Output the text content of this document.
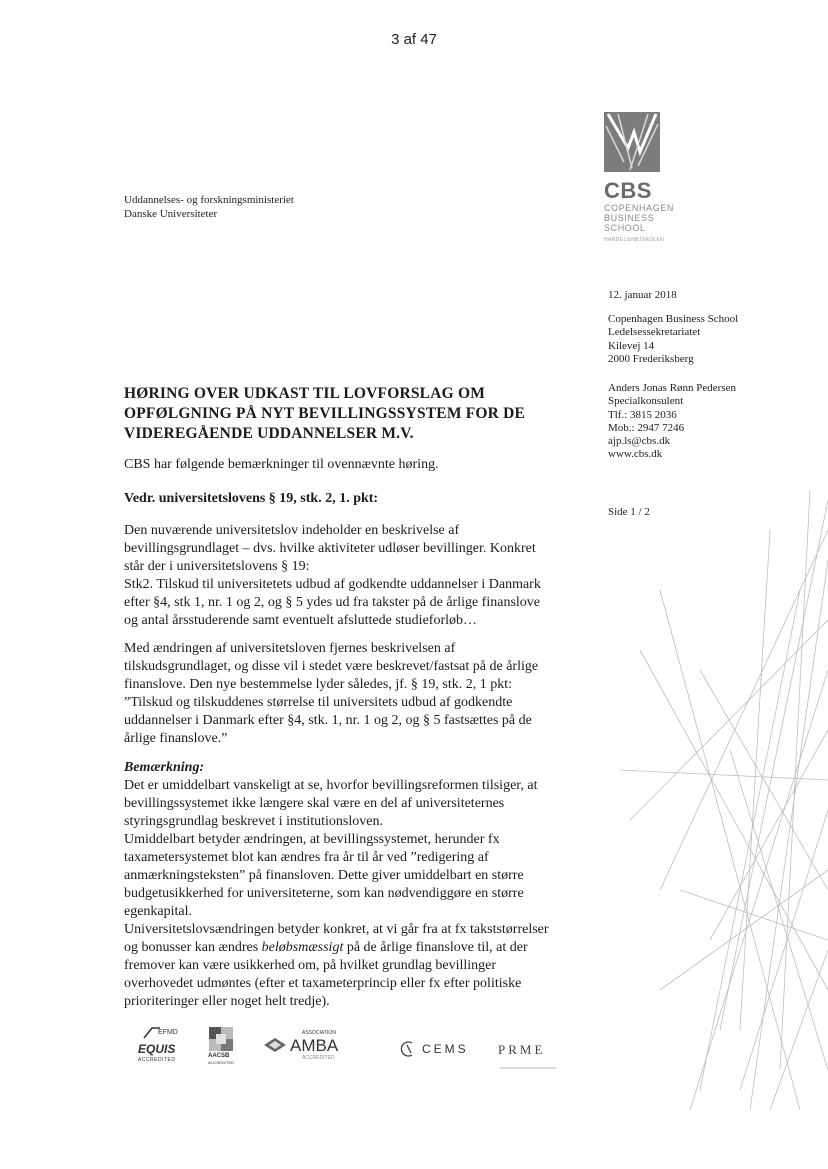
3 af 47
CBS
COPENHAGEN
BUSINESS SCHOOL
HANDELSHØJSKOLEN
Uddannelses- og forskningsministeriet
Danske Universiteter
12. januar 2018
Copenhagen Business School
Ledelsessekretariatet
Kilevej 14
2000 Frederiksberg
Anders Jonas Rønn Pedersen
Specialkonsulent
Tlf.: 3815 2036
Mob.: 2947 7246
ajp.ls@cbs.dk
www.cbs.dk
Side 1 / 2
HØRING OVER UDKAST TIL LOVFORSLAG OM
OPFØLGNING PÅ NYT BEVILLINGSSYSTEM FOR DE
VIDEREGÅENDE UDDANNELSER M.V.
CBS har følgende bemærkninger til ovennævnte høring.
Vedr. universitetslovens § 19, stk. 2, 1. pkt:

Den nuværende universitetslov indeholder en beskrivelse af

bevillingsgrundlaget – dvs. hvilke aktiviteter udløser bevillinger. Konkret

står der i universitetslovens § 19:

Stk2. Tilskud til universitetets udbud af godkendte uddannelser i Danmark

efter §4, stk 1, nr. 1 og 2, og § 5 ydes ud fra takster på de årlige finanslove

og antal årsstuderende samt eventuelt afsluttede studieforløb…

Med ændringen af universitetsloven fjernes beskrivelsen af

tilskudsgrundlaget, og disse vil i stedet være beskrevet/fastsat på de årlige

finanslove. Den nye bestemmelse lyder således, jf. § 19, stk. 2, 1 pkt:

”Tilskud og tilskuddenes størrelse til universitets udbud af godkendte

uddannelser i Danmark efter §4, stk. 1, nr. 1 og 2, og § 5 fastsættes på de

årlige finanslove.”

Bemærkning:

Det er umiddelbart vanskeligt at se, hvorfor bevillingsreformen tilsiger, at

bevillingssystemet ikke længere skal være en del af universiteternes

styringsgrundlag beskrevet i institutionsloven.

Umiddelbart betyder ændringen, at bevillingssystemet, herunder fx

taxametersystemet blot kan ændres fra år til år ved ”redigering af

anmærkningsteksten” på finansloven. Dette giver umiddelbart en større

budgetusikkerhed for universiteterne, som kan nødvendiggøre en større

egenkapital.

Universitetslovsændringen betyder konkret, at vi går fra at fx takststørrelser

og bonusser kan ændres beløbsmæssigt på de årlige finanslove til, at der

fremover kan være usikkerhed om, på hvilket grundlag bevillinger

overhovedet udmøntes (efter et taxameterprincip eller fx efter politiske

prioriteringer eller noget helt tredje).

EFMD
EQUIS
ACCREDITED
AACSB
ACCREDITED
ASSOCIATION
AMBA
ACCREDITED
CEMS PRME
